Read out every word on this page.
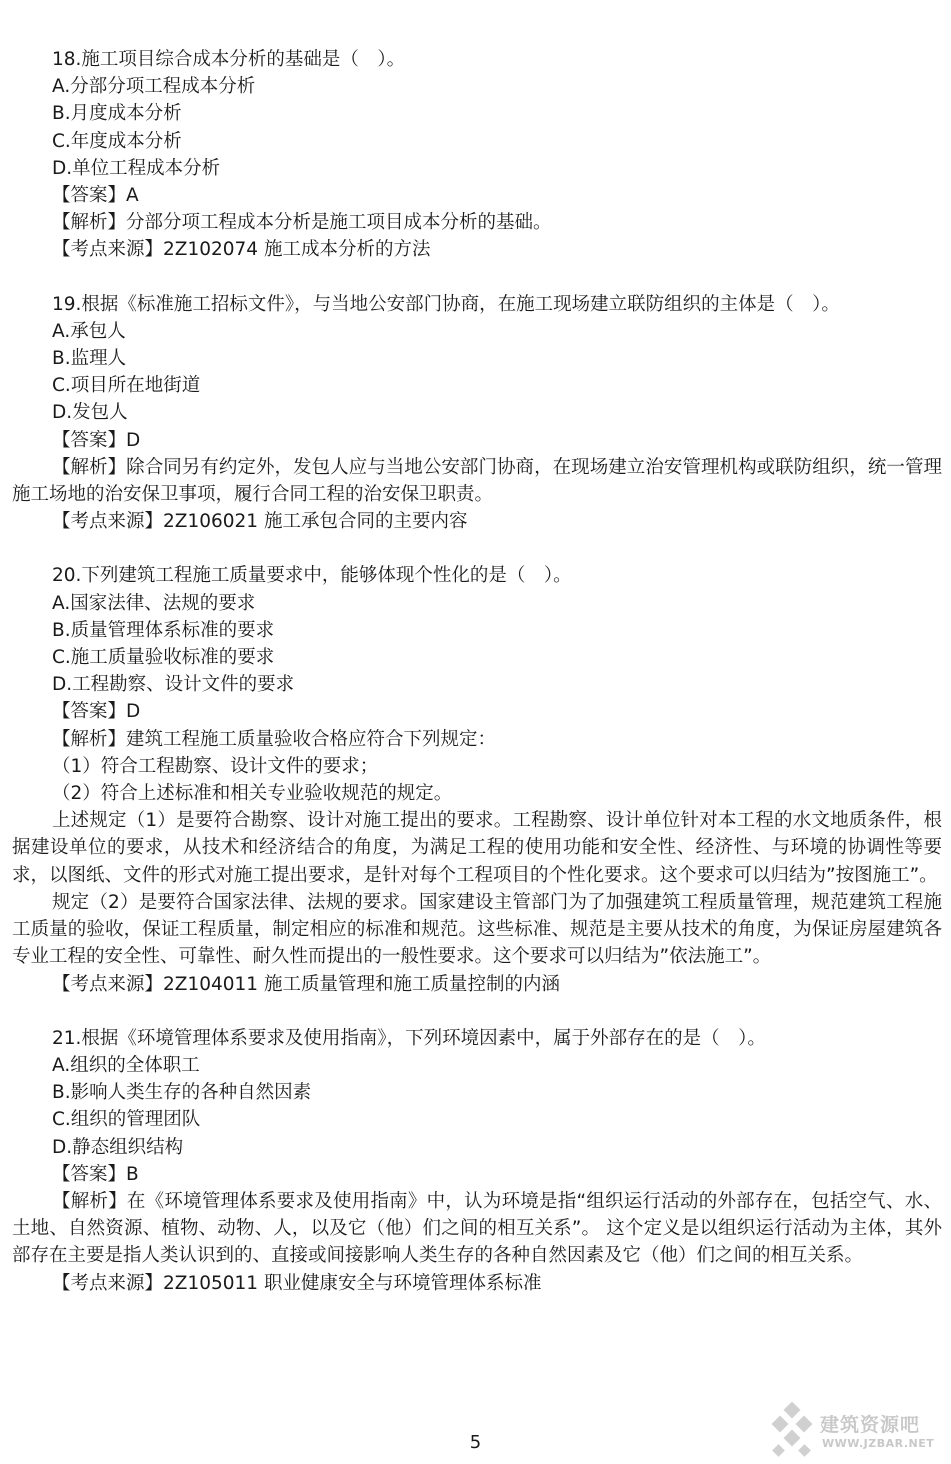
18.施工项目综合成本分析的基础是（　）。
A.分部分项工程成本分析
B.月度成本分析
C.年度成本分析
D.单位工程成本分析
【答案】A
【解析】分部分项工程成本分析是施工项目成本分析的基础。
【考点来源】2Z102074 施工成本分析的方法
19.根据《标准施工招标文件》，与当地公安部门协商，在施工现场建立联防组织的主体是（　）。
A.承包人
B.监理人
C.项目所在地街道
D.发包人
【答案】D
【解析】除合同另有约定外，发包人应与当地公安部门协商，在现场建立治安管理机构或联防组织，统一管理施工场地的治安保卫事项，履行合同工程的治安保卫职责。
【考点来源】2Z106021 施工承包合同的主要内容
20.下列建筑工程施工质量要求中，能够体现个性化的是（　）。
A.国家法律、法规的要求
B.质量管理体系标准的要求
C.施工质量验收标准的要求
D.工程勘察、设计文件的要求
【答案】D
【解析】建筑工程施工质量验收合格应符合下列规定：
（1）符合工程勘察、设计文件的要求；
（2）符合上述标准和相关专业验收规范的规定。
上述规定（1）是要符合勘察、设计对施工提出的要求。工程勘察、设计单位针对本工程的水文地质条件，根据建设单位的要求，从技术和经济结合的角度，为满足工程的使用功能和安全性、经济性、与环境的协调性等要求，以图纸、文件的形式对施工提出要求，是针对每个工程项目的个性化要求。这个要求可以归结为”按图施工”。
规定（2）是要符合国家法律、法规的要求。国家建设主管部门为了加强建筑工程质量管理，规范建筑工程施工质量的验收，保证工程质量，制定相应的标准和规范。这些标准、规范是主要从技术的角度，为保证房屋建筑各专业工程的安全性、可靠性、耐久性而提出的一般性要求。这个要求可以归结为”依法施工”。
【考点来源】2Z104011 施工质量管理和施工质量控制的内涵
21.根据《环境管理体系要求及使用指南》，下列环境因素中，属于外部存在的是（　）。
A.组织的全体职工
B.影响人类生存的各种自然因素
C.组织的管理团队
D.静态组织结构
【答案】B
【解析】在《环境管理体系要求及使用指南》中，认为环境是指“组织运行活动的外部存在，包括空气、水、土地、自然资源、植物、动物、人，以及它（他）们之间的相互关系”。 这个定义是以组织运行活动为主体，其外部存在主要是指人类认识到的、直接或间接影响人类生存的各种自然因素及它（他）们之间的相互关系。
【考点来源】2Z105011 职业健康安全与环境管理体系标准
5
建筑资源吧
WWW.JZBAR.NET
